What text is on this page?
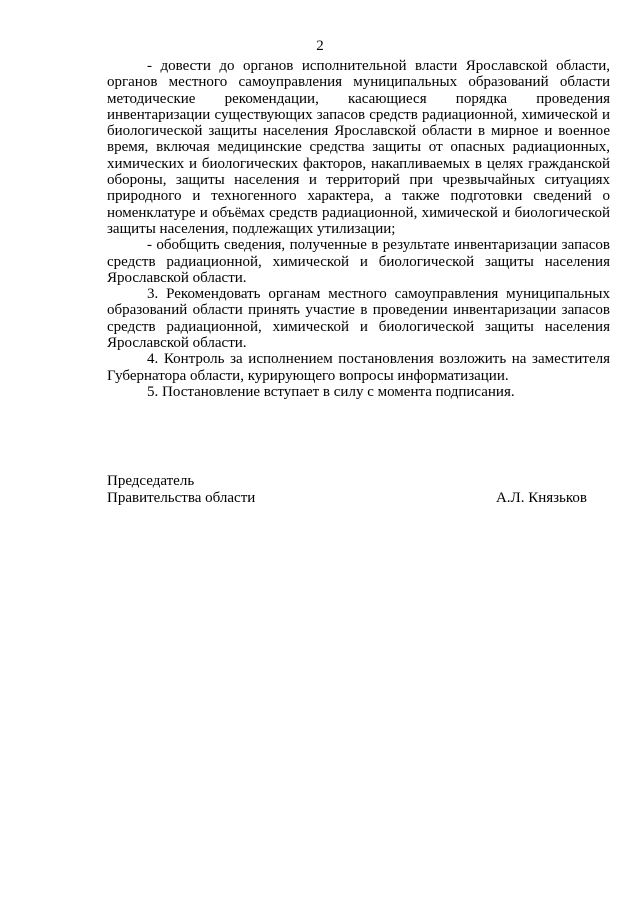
2

- довести до органов исполнительной власти Ярославской области, органов местного самоуправления муниципальных образований области методические рекомендации, касающиеся порядка проведения инвентаризации существующих запасов средств радиационной, химической и биологической защиты населения Ярославской области в мирное и военное время, включая медицинские средства защиты от опасных радиационных, химических и биологических факторов, накапливаемых в целях гражданской обороны, защиты населения и территорий при чрезвычайных ситуациях природного и техногенного характера, а также подготовки сведений о номенклатуре и объёмах средств радиационной, химической и биологической защиты населения, подлежащих утилизации;

- обобщить сведения, полученные в результате инвентаризации запасов средств радиационной, химической и биологической защиты населения Ярославской области.

3. Рекомендовать органам местного самоуправления муниципальных образований области принять участие в проведении инвентаризации запасов средств радиационной, химической и биологической защиты населения Ярославской области.

4. Контроль за исполнением постановления возложить на заместителя Губернатора области, курирующего вопросы информатизации.

5. Постановление вступает в силу с момента подписания.

Председатель
Правительства области	А.Л. Князьков
